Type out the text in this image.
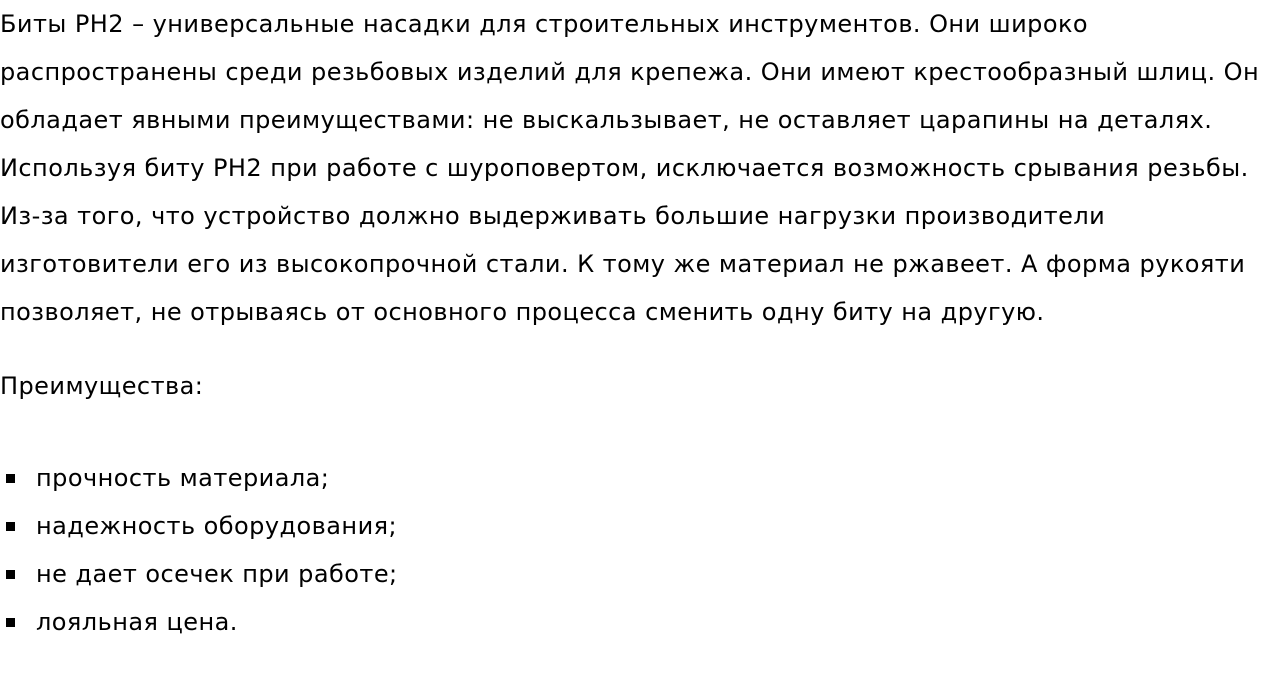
Биты PH2 – универсальные насадки для строительных инструментов. Они широко распространены среди резьбовых изделий для крепежа. Они имеют крестообразный шлиц. Он обладает явными преимуществами: не выскальзывает, не оставляет царапины на деталях. Используя биту PH2 при работе с шуроповертом, исключается возможность срывания резьбы. Из-за того, что устройство должно выдерживать большие нагрузки производители изготовители его из высокопрочной стали. К тому же материал не ржавеет. А форма рукояти позволяет, не отрываясь от основного процесса сменить одну биту на другую.

Преимущества:

прочность материала;
надежность оборудования;
не дает осечек при работе;
лояльная цена.
